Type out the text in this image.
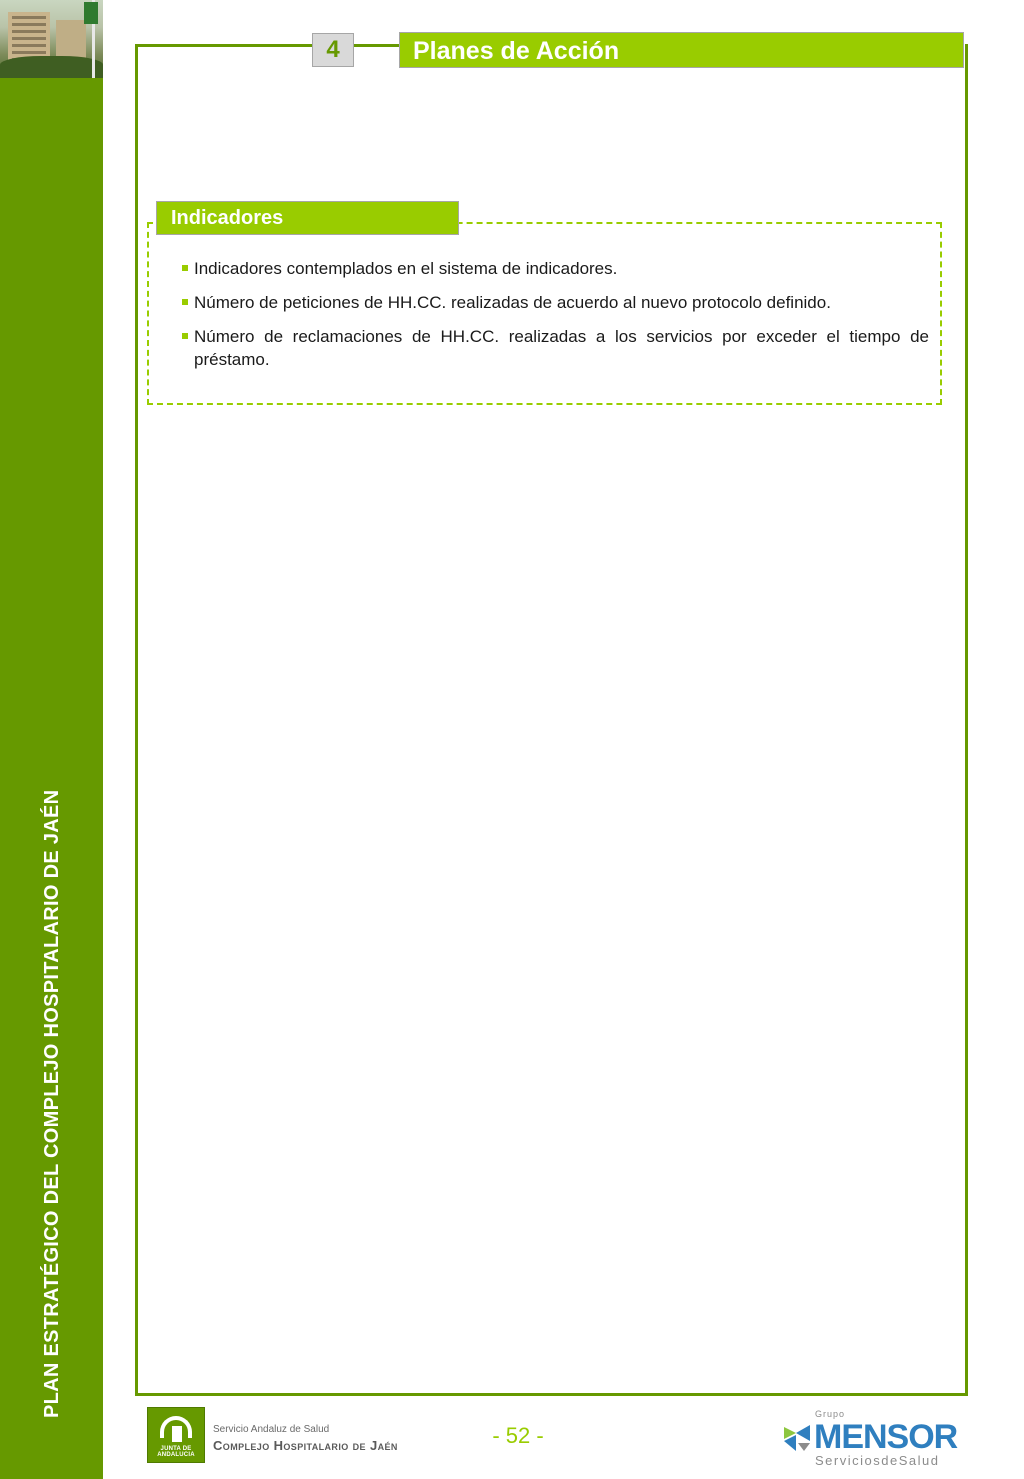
PLAN ESTRATÉGICO DEL COMPLEJO HOSPITALARIO DE JAÉN
4	Planes de Acción
Indicadores
Indicadores contemplados en el sistema de indicadores.
Número de peticiones de HH.CC. realizadas de acuerdo al nuevo protocolo definido.
Número de reclamaciones de HH.CC. realizadas a los servicios por exceder el tiempo de préstamo.
- 52 -
JUNTA DE ANDALUCIA
Servicio Andaluz de Salud
Complejo Hospitalario de Jaén
Grupo
MENSOR
ServiciosdeSalud
